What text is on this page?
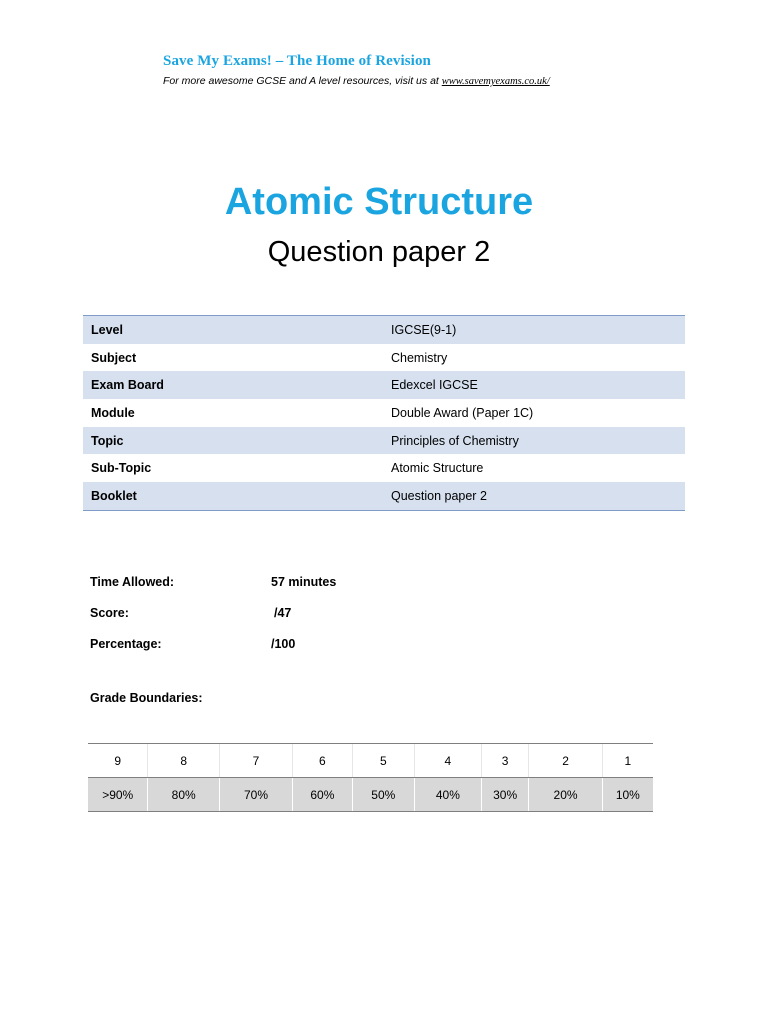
Save My Exams! – The Home of Revision
For more awesome GCSE and A level resources, visit us at www.savemyexams.co.uk/
Atomic Structure
Question paper 2
Level	IGCSE(9-1)
Subject	Chemistry
Exam Board	Edexcel IGCSE
Module	Double Award (Paper 1C)
Topic	Principles of Chemistry
Sub-Topic	Atomic Structure
Booklet	Question paper 2
Time Allowed:	57 minutes
Score:	/47
Percentage:	/100
Grade Boundaries:
9	8	7	6	5	4	3	2	1
>90%	80%	70%	60%	50%	40%	30%	20%	10%
